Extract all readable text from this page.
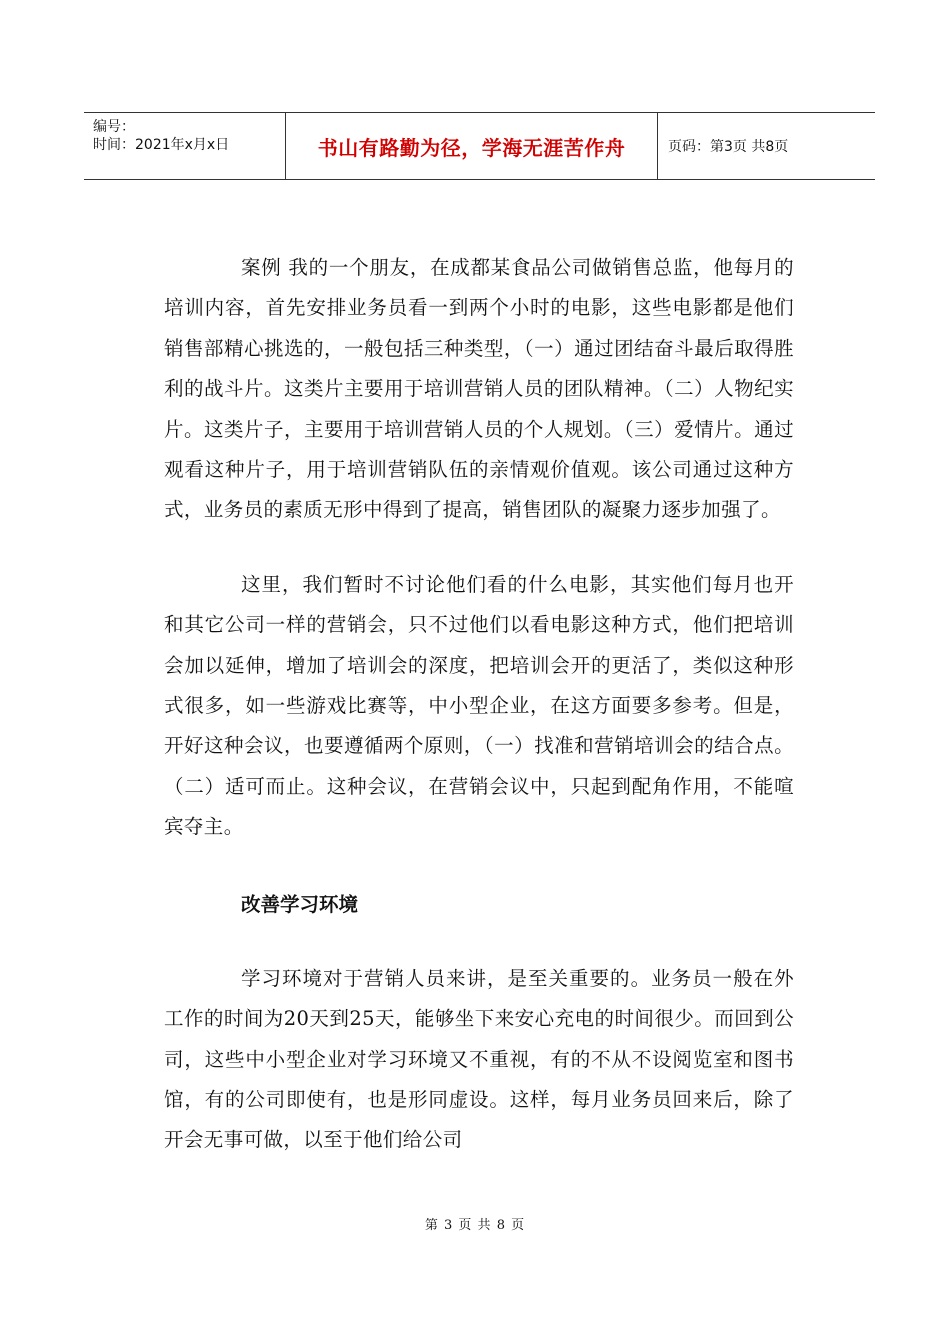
编号：
时间：2021年x月x日	书山有路勤为径，学海无涯苦作舟	页码：第3页 共8页

案例 我的一个朋友，在成都某食品公司做销售总监，他每月的培训内容，首先安排业务员看一到两个小时的电影，这些电影都是他们销售部精心挑选的，一般包括三种类型，（一）通过团结奋斗最后取得胜利的战斗片。这类片主要用于培训营销人员的团队精神。（二）人物纪实片。这类片子，主要用于培训营销人员的个人规划。（三）爱情片。通过观看这种片子，用于培训营销队伍的亲情观价值观。该公司通过这种方式，业务员的素质无形中得到了提高，销售团队的凝聚力逐步加强了。

这里，我们暂时不讨论他们看的什么电影，其实他们每月也开和其它公司一样的营销会，只不过他们以看电影这种方式，他们把培训会加以延伸，增加了培训会的深度，把培训会开的更活了，类似这种形式很多，如一些游戏比赛等，中小型企业，在这方面要多参考。但是，开好这种会议，也要遵循两个原则，（一）找准和营销培训会的结合点。（二）适可而止。这种会议，在营销会议中，只起到配角作用，不能喧宾夺主。

改善学习环境

学习环境对于营销人员来讲，是至关重要的。业务员一般在外工作的时间为20天到25天，能够坐下来安心充电的时间很少。而回到公司，这些中小型企业对学习环境又不重视，有的不从不设阅览室和图书馆，有的公司即使有，也是形同虚设。这样，每月业务员回来后，除了开会无事可做，以至于他们给公司

第 3 页 共 8 页
